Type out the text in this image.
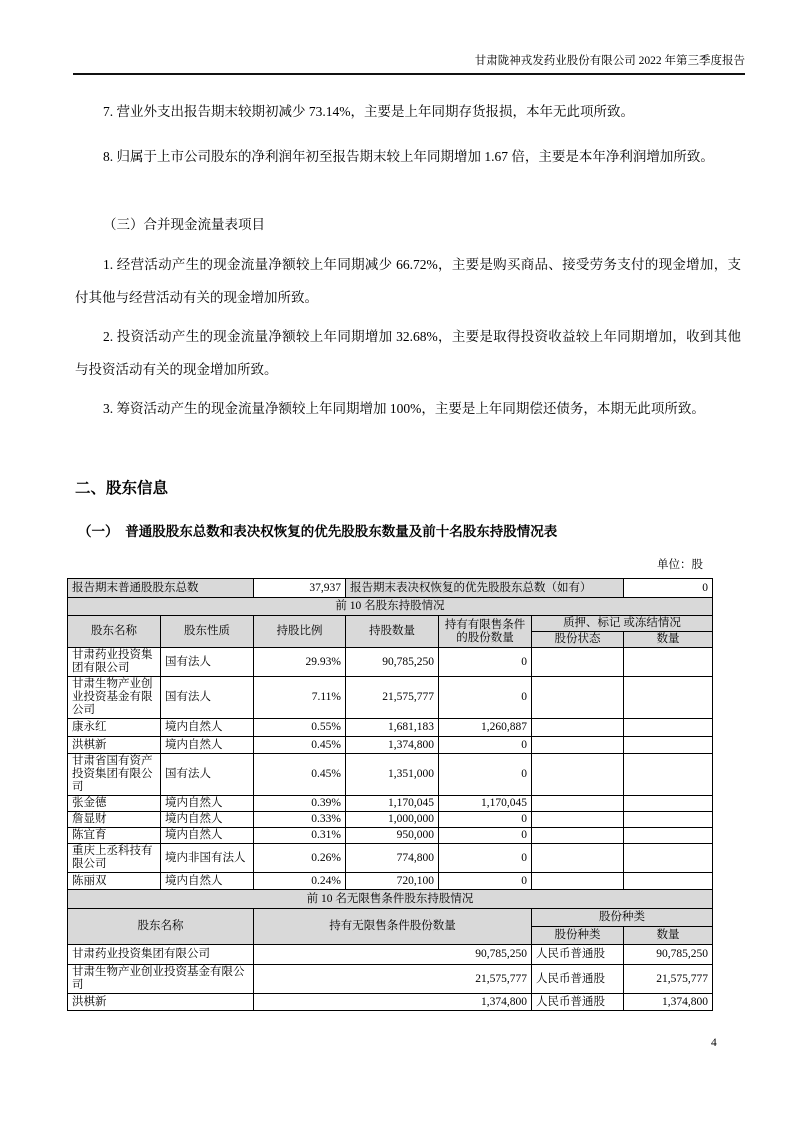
甘肃陇神戎发药业股份有限公司 2022 年第三季度报告

7. 营业外支出报告期末较期初减少 73.14%，主要是上年同期存货报损，本年无此项所致。

8. 归属于上市公司股东的净利润年初至报告期末较上年同期增加 1.67 倍，主要是本年净利润增加所致。

（三）合并现金流量表项目

1. 经营活动产生的现金流量净额较上年同期减少 66.72%，主要是购买商品、接受劳务支付的现金增加，支付其他与经营活动有关的现金增加所致。

2. 投资活动产生的现金流量净额较上年同期增加 32.68%，主要是取得投资收益较上年同期增加，收到其他与投资活动有关的现金增加所致。

3. 筹资活动产生的现金流量净额较上年同期增加 100%，主要是上年同期偿还债务，本期无此项所致。

二、股东信息

（一）　普通股股东总数和表决权恢复的优先股股东数量及前十名股东持股情况表

单位：股
报告期末普通股股东总数		37,937	报告期末表决权恢复的优先股股东总数（如有）			0
前 10 名股东持股情况						
股东名称	股东性质	持股比例	持股数量	持有有限售条件的股份数量	质押、标记 或冻结情况	
					股份状态	数量
甘肃药业投资集团有限公司	国有法人	29.93%	90,785,250	0		
甘肃生物产业创业投资基金有限公司	国有法人	7.11%	21,575,777	0		
康永红	境内自然人	0.55%	1,681,183	1,260,887		
洪棋新	境内自然人	0.45%	1,374,800	0		
甘肃省国有资产投资集团有限公司	国有法人	0.45%	1,351,000	0		
张金德	境内自然人	0.39%	1,170,045	1,170,045		
詹显财	境内自然人	0.33%	1,000,000	0		
陈宜育	境内自然人	0.31%	950,000	0		
重庆上丞科技有限公司	境内非国有法人	0.26%	774,800	0		
陈丽双	境内自然人	0.24%	720,100	0		
前 10 名无限售条件股东持股情况						
股东名称		持有无限售条件股份数量			股份种类	
					股份种类	数量
甘肃药业投资集团有限公司		90,785,250			人民币普通股	90,785,250
甘肃生物产业创业投资基金有限公司		21,575,777			人民币普通股	21,575,777
洪棋新		1,374,800			人民币普通股	1,374,800
4
